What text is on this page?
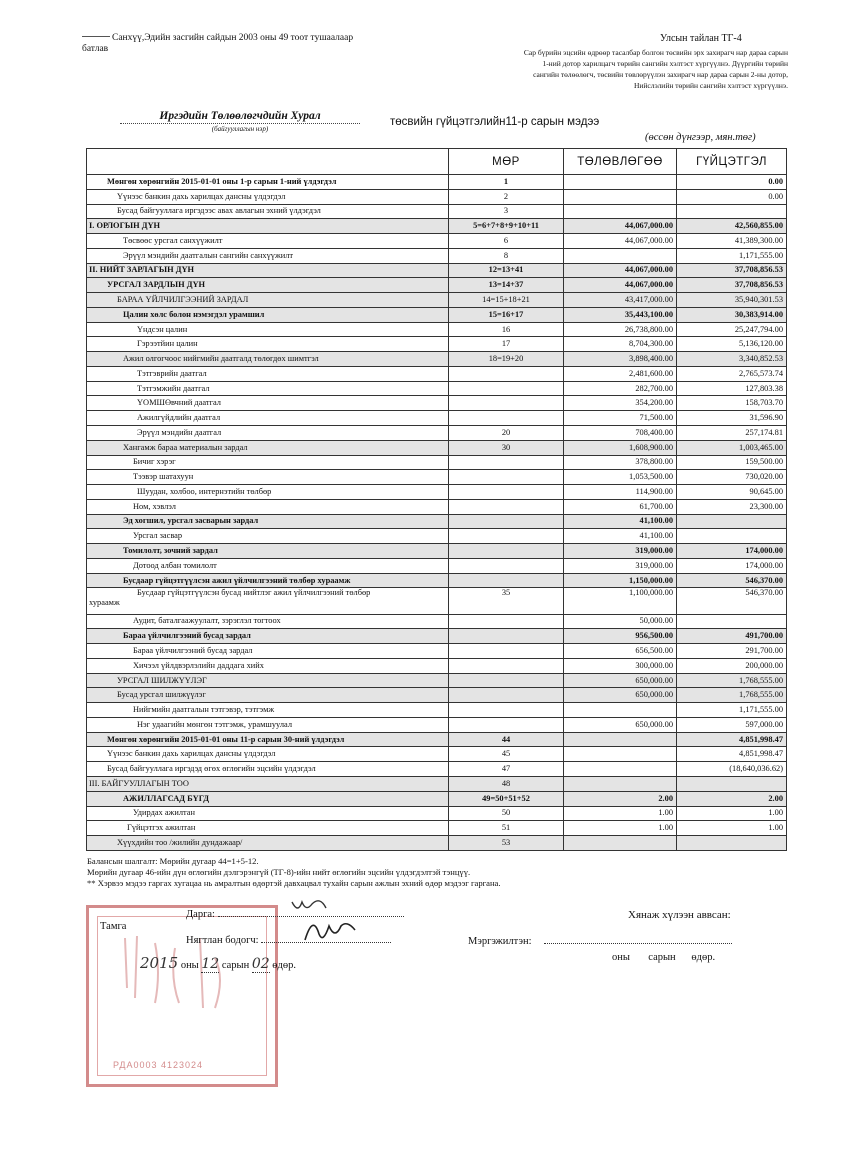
Санхүү,Эдийн засгийн сайдын 2003 оны 49 тоот тушаалаар
батлав
Улсын тайлан ТГ-4
Сар бүрийн эцсийн өдрөөр тасалбар болгон төсвийн эрх захирагч нар дараа сарын
1-ний дотор харилцагч төрийн сангийн хэлтэст хүргүүлнэ. Дүүргийн төрийн
сангийн төлөөлөгч, төсвийн төвлөрүүлэн захирагч нар дараа сарын 2-ны дотор,
Нийслэлийн төрийн сангийн хэлтэст хүргүүлнэ.
Иргэдийн Төлөөлөгчдийн Хурал
(байгууллагын нэр)
төсвийн гүйцэтгэлийн11-р сарын мэдээ
(өссөн дүнгээр, мян.төг)
	МӨР	ТӨЛӨВЛӨГӨӨ	ГҮЙЦЭТГЭЛ
Мөнгөн хөрөнгийн 2015-01-01 оны 1-р сарын 1-ний үлдэгдэл	1		0.00
Үүнээс банкин дахь харилцах дансны үлдэгдэл	2		0.00
Бусад байгууллага иргэдээс авах авлагын эхний үлдэгдэл	3		
I. ОРЛОГЫН ДҮН	5=6+7+8+9+10+11	44,067,000.00	42,560,855.00
Төсвөөс урсгал санхүүжилт	6	44,067,000.00	41,389,300.00
Эрүүл мэндийн даатгалын сангийн санхүүжилт	8		1,171,555.00
II. НИЙТ ЗАРЛАГЫН ДҮН	12=13+41	44,067,000.00	37,708,856.53
УРСГАЛ ЗАРДЛЫН ДҮН	13=14+37	44,067,000.00	37,708,856.53
БАРАА ҮЙЛЧИЛГЭЭНИЙ ЗАРДАЛ	14=15+18+21	43,417,000.00	35,940,301.53
Цалин хөлс болон нэмэгдэл урамшил	15=16+17	35,443,100.00	30,383,914.00
Үндсэн цалин	16	26,738,800.00	25,247,794.00
Гэрээтйин цалин	17	8,704,300.00	5,136,120.00
Ажил олгогчоос нийгмийн даатгалд төлөгдөх шимтгэл	18=19+20	3,898,400.00	3,340,852.53
Тэтгэврийн даатгал		2,481,600.00	2,765,573.74
Тэтгэмжийн даатгал		282,700.00	127,803.38
ҮОМШӨвчний даатгал		354,200.00	158,703.70
Ажилгүйдлийн даатгал		71,500.00	31,596.90
Эрүүл мэндийн даатгал	20	708,400.00	257,174.81
Хангамж бараа материалын зардал	30	1,608,900.00	1,003,465.00
Бичиг хэрэг		378,800.00	159,500.00
Тээвэр шатахуун		1,053,500.00	730,020.00
Шуудан, холбоо, интернэтийн төлбөр		114,900.00	90,645.00
Ном, хэвлэл		61,700.00	23,300.00
Эд хогшил, урсгал засварын зардал		41,100.00	
Урсгал засвар		41,100.00	
Томилолт, зочний зардал		319,000.00	174,000.00
Дотоод албан томилолт		319,000.00	174,000.00
Бусдаар гүйцэтгүүлсэн ажил үйлчилгээний төлбөр хураамж		1,150,000.00	546,370.00
Бусдаар гүйцэтгүүлсэн бусад нийтлэг ажил үйлчилгээний төлбөр
хураамж	35	1,100,000.00	546,370.00
Аудит, баталгаажуулалт, зэрэглэл тогтоох		50,000.00	
Бараа үйлчилгээний бусад зардал		956,500.00	491,700.00
Бараа үйлчилгээний бусад зардал		656,500.00	291,700.00
Хичээл үйлдвэрлэлийн даддага хийх		300,000.00	200,000.00
УРСГАЛ ШИЛЖҮҮЛЭГ		650,000.00	1,768,555.00
Бусад урсгал шилжүүлэг		650,000.00	1,768,555.00
Нийгмийн даатгалын тэтгэвэр, тэтгэмж			1,171,555.00
Нэг удаагийн мөнгөн тэтгэмж, урамшуулал		650,000.00	597,000.00
Мөнгөн хөрөнгийн 2015-01-01 оны 11-р сарын 30-ний үлдэгдэл	44		4,851,998.47
Үүнээс банкин дахь харилцах дансны үлдэгдэл	45		4,851,998.47
Бусад байгууллага иргэдэд өгөх өглөгийн эцсийн үлдэгдэл	47		(18,640,036.62)
III. БАЙГУУЛЛАГЫН ТОО	48		
АЖИЛЛАГСАД БҮГД	49=50+51+52	2.00	2.00
Удирдах ажилтан	50	1.00	1.00
Гүйцэтгэх ажилтан	51	1.00	1.00
Хүүхдийн тоо /жилийн дундажаар/	53		
Балансын шалгалт: Мөрийн дугаар 44=1+5-12.
Мөрийн дугаар 46-ийн дүн өглөгийн дэлгэрэнгүй (ТГ-8)-ийн нийт өглөгийн эцсийн үлдэгдэлтэй тэнцүү.
** Хэрвээ мэдээ гаргах хугацаа нь амралтын өдөртэй давхацвал тухайн сарын ажлын эхний өдөр мэдээг гаргана.
РДА0003 4123024
Тамга
Дарга:
Нягтлан бодогч:
2015 оны 12 сарын 02 өдөр.
Хянаж хүлээн аввсан:
Мэргэжилтэн:
оны       сарын      өдөр.
